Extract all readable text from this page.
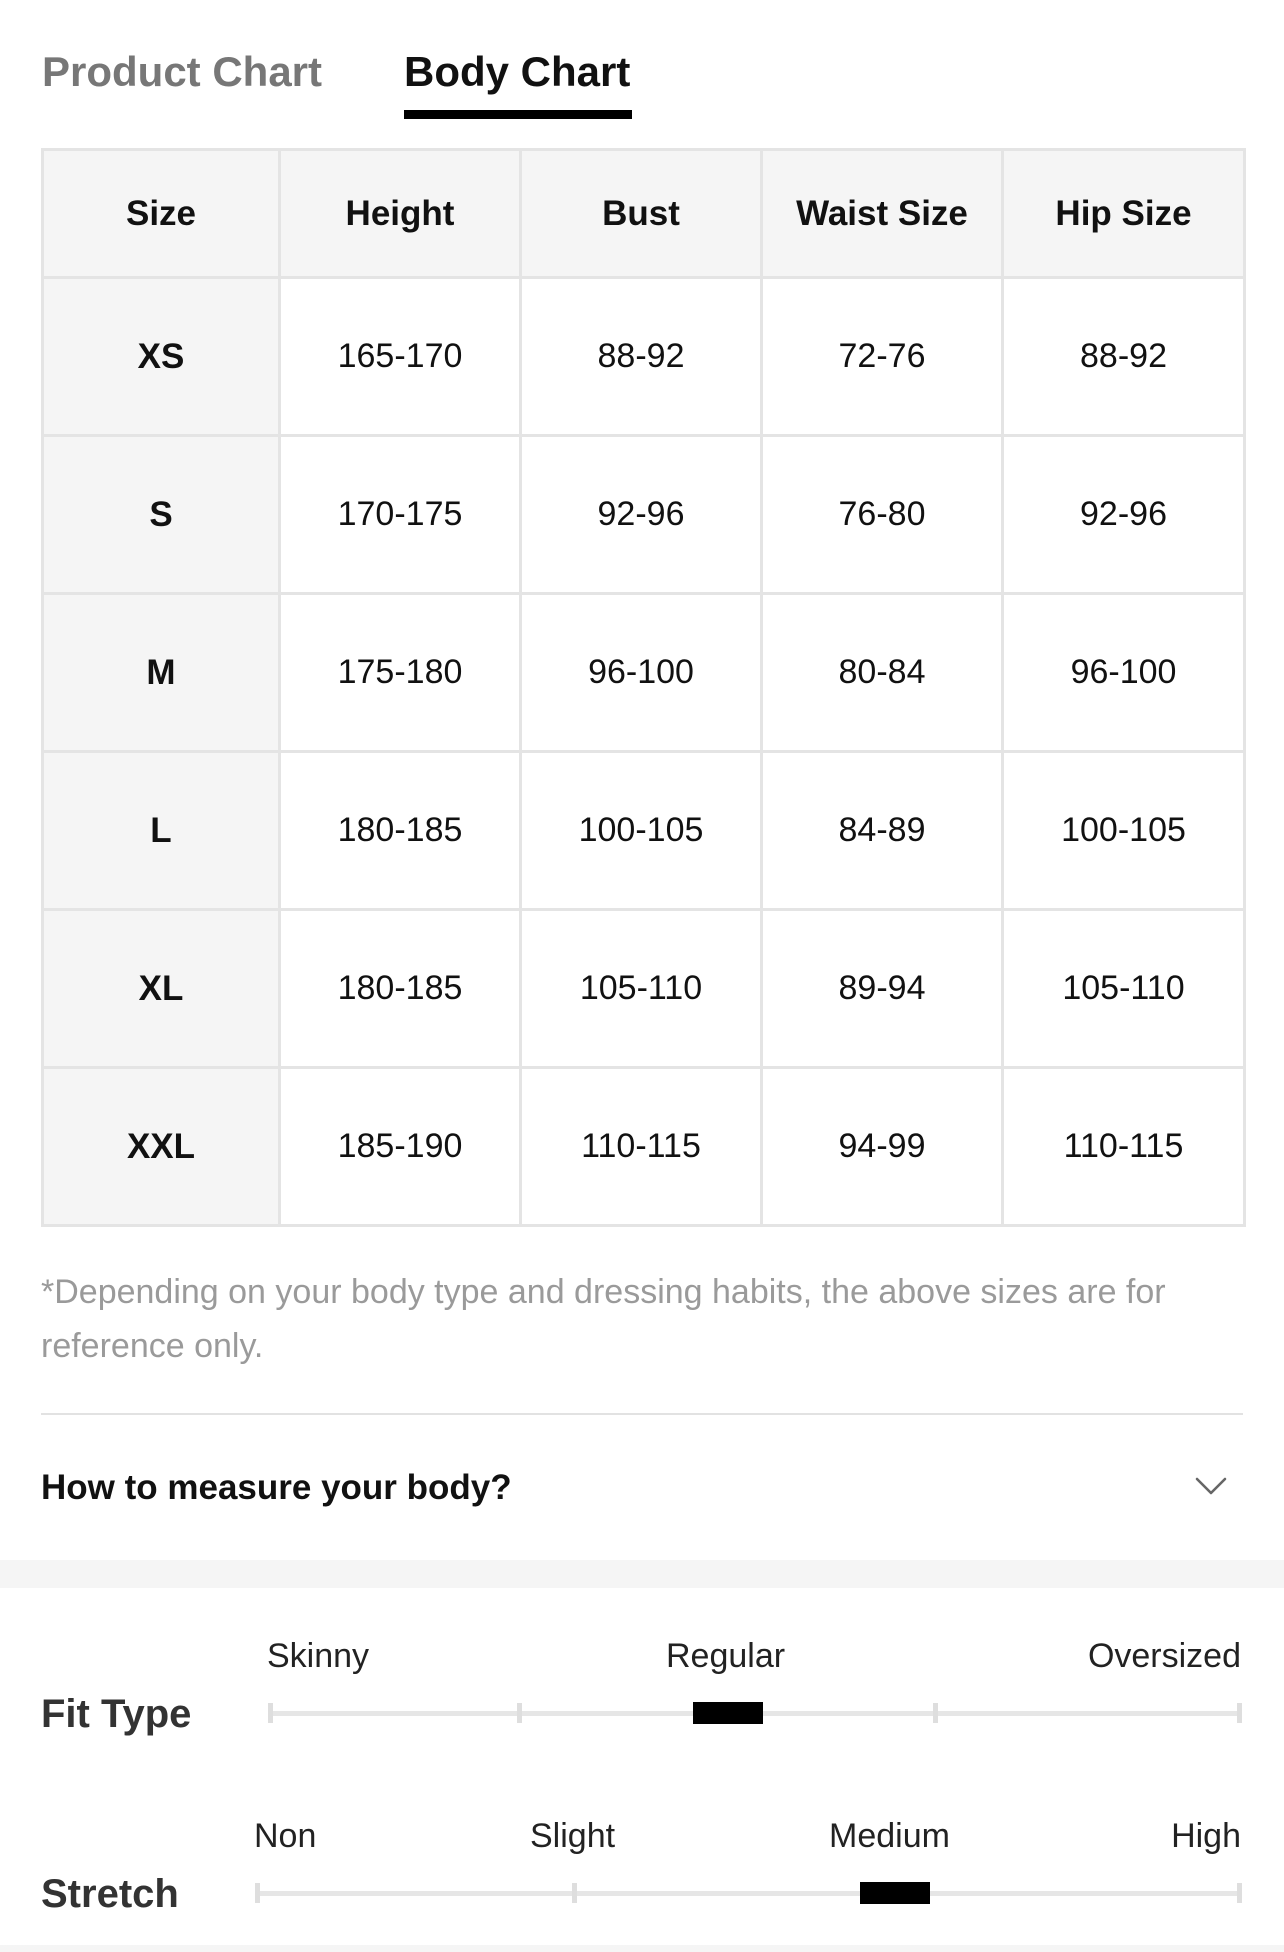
Product Chart Body Chart
Size	Height	Bust	Waist Size	Hip Size
XS	165-170	88-92	72-76	88-92
S	170-175	92-96	76-80	92-96
M	175-180	96-100	80-84	96-100
L	180-185	100-105	84-89	100-105
XL	180-185	105-110	89-94	105-110
XXL	185-190	110-115	94-99	110-115

*Depending on your body type and dressing habits, the above sizes are for reference only.

How to measure your body?
Fit Type
Skinny	Regular	Oversized
Stretch
Non	Slight	Medium	High
